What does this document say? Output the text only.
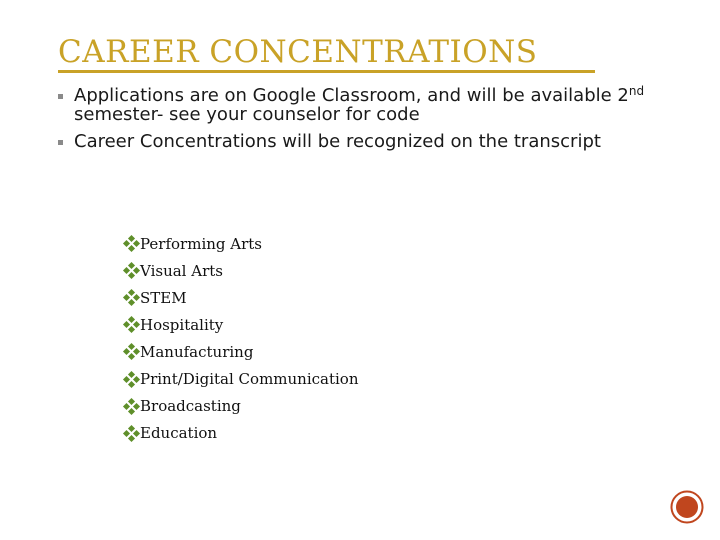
CAREER CONCENTRATIONS
Applications are on Google Classroom, and will be available 2nd semester- see your counselor for code
Career Concentrations will be recognized on the transcript
Performing Arts
Visual Arts
STEM
Hospitality
Manufacturing
Print/Digital Communication
Broadcasting
Education
